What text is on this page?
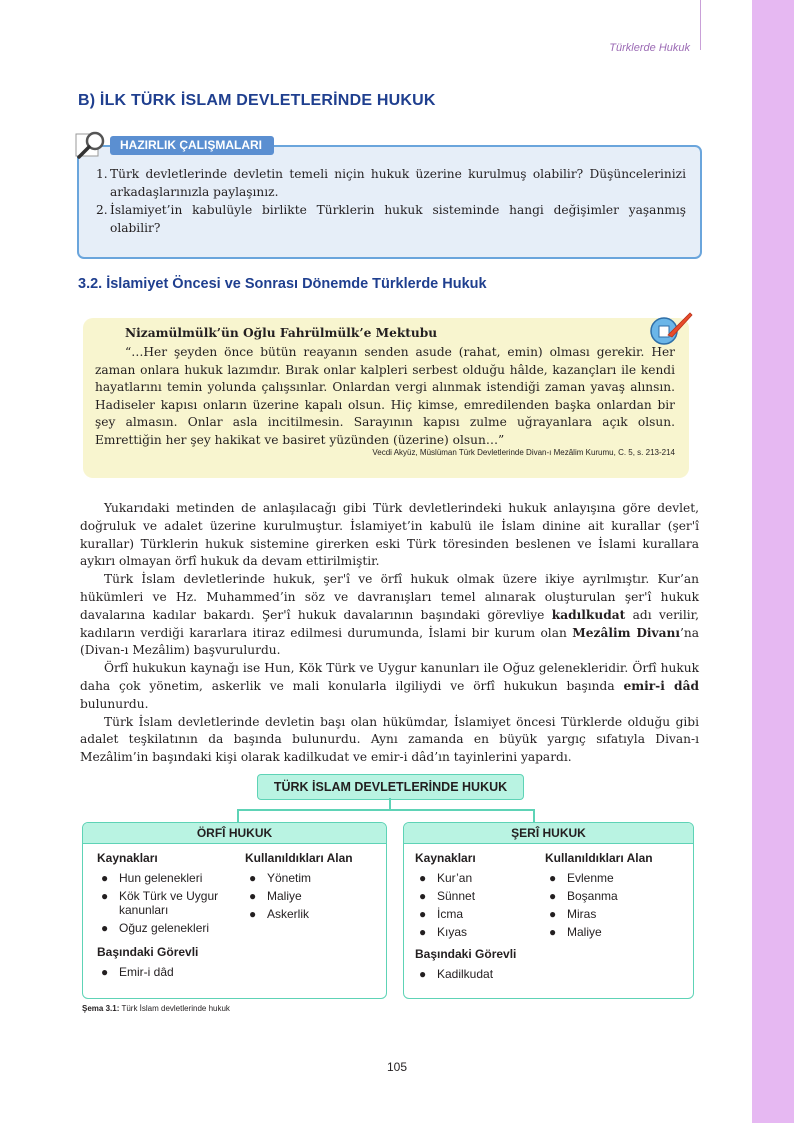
Türklerde Hukuk
B) İLK TÜRK İSLAM DEVLETLERİNDE HUKUK
HAZIRLIK ÇALIŞMALARI
1. Türk devletlerinde devletin temeli niçin hukuk üzerine kurulmuş olabilir? Düşüncelerinizi arkadaşlarınızla paylaşınız.
2. İslamiyet’in kabulüyle birlikte Türklerin hukuk sisteminde hangi değişimler yaşanmış olabilir?
3.2. İslamiyet Öncesi ve Sonrası Dönemde Türklerde Hukuk
Nizamülmülk’ün Oğlu Fahrülmülk’e Mektubu
“…Her şeyden önce bütün reayanın senden asude (rahat, emin) olması gerekir. Her zaman onlara hukuk lazımdır. Bırak onlar kalpleri serbest olduğu hâlde, kazançları ile kendi hayatlarını temin yolunda çalışsınlar. Onlardan vergi alınmak istendiği zaman yavaş alınsın. Hadiseler kapısı onların üzerine kapalı olsun. Hiç kimse, emredilenden başka onlardan bir şey almasın. Onlar asla incitilmesin. Sarayının kapısı zulme uğrayanlara açık olsun. Emrettiğin her şey hakikat ve basiret yüzünden (üzerine) olsun…”
Vecdi Akyüz, Müslüman Türk Devletlerinde Divan-ı Mezâlim Kurumu, C. 5, s. 213-214

Yukarıdaki metinden de anlaşılacağı gibi Türk devletlerindeki hukuk anlayışına göre devlet, doğruluk ve adalet üzerine kurulmuştur. İslamiyet’in kabulü ile İslam dinine ait kurallar (şer'î kurallar) Türklerin hukuk sistemine girerken eski Türk töresinden beslenen ve İslami kurallara aykırı olmayan örfî hukuk da devam ettirilmiştir.

Türk İslam devletlerinde hukuk, şer'î ve örfî hukuk olmak üzere ikiye ayrılmıştır. Kur’an hükümleri ve Hz. Muhammed’in söz ve davranışları temel alınarak oluşturulan şer'î hukuk davalarına kadılar bakardı. Şer'î hukuk davalarının başındaki görevliye kadılkudat adı verilir, kadıların verdiği kararlara itiraz edilmesi durumunda, İslami bir kurum olan Mezâlim Divanı’na (Divan-ı Mezâlim) başvurulurdu.

Örfî hukukun kaynağı ise Hun, Kök Türk ve Uygur kanunları ile Oğuz gelenekleridir. Örfî hukuk daha çok yönetim, askerlik ve mali konularla ilgiliydi ve örfî hukukun başında emir-i dâd bulunurdu.

Türk İslam devletlerinde devletin başı olan hükümdar, İslamiyet öncesi Türklerde olduğu gibi adalet teşkilatının da başında bulunurdu. Aynı zamanda en büyük yargıç sıfatıyla Divan-ı Mezâlim’in başındaki kişi olarak kadilkudat ve emir-i dâd’ın tayinlerini yapardı.

TÜRK İSLAM DEVLETLERİNDE HUKUK
ÖRFÎ HUKUK
Kaynakları
● Hun gelenekleri
● Kök Türk ve Uygur kanunları
● Oğuz gelenekleri
Başındaki Görevli
● Emir-i dâd
Kullanıldıkları Alan
● Yönetim
● Maliye
● Askerlik
ŞERÎ HUKUK
Kaynakları
● Kur’an
● Sünnet
● İcma
● Kıyas
Başındaki Görevli
● Kadilkudat
Kullanıldıkları Alan
● Evlenme
● Boşanma
● Miras
● Maliye
Şema 3.1: Türk İslam devletlerinde hukuk
105
